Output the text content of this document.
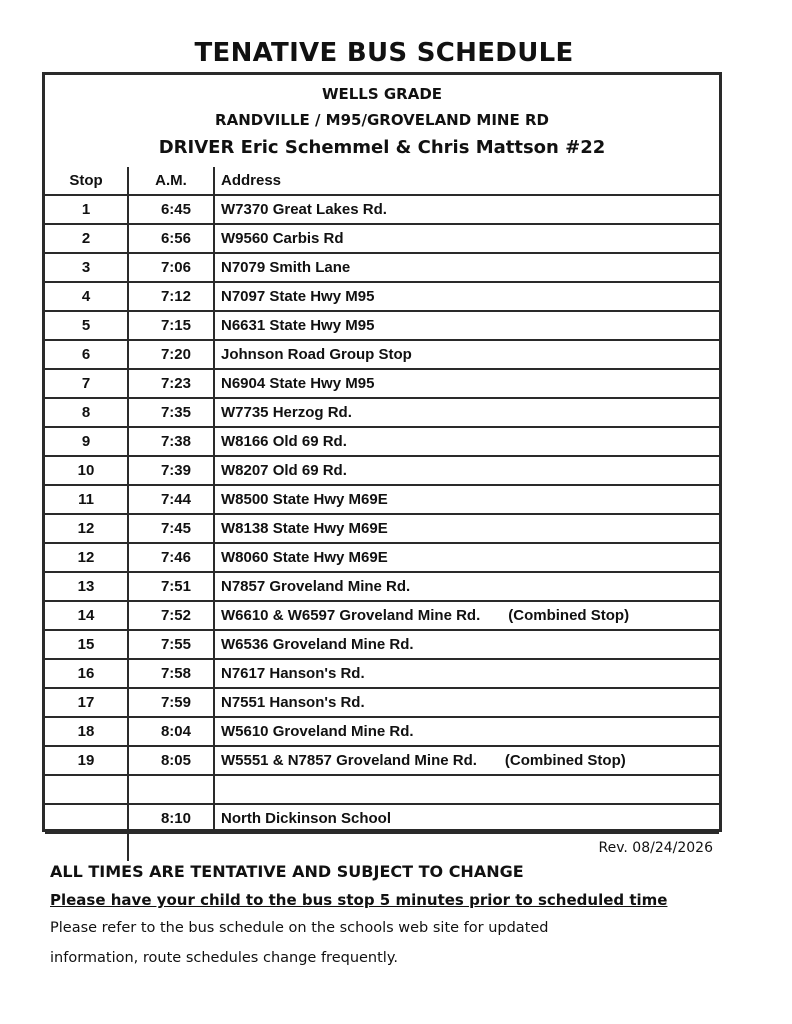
TENATIVE BUS SCHEDULE
WELLS GRADE
RANDVILLE / M95/GROVELAND MINE RD
DRIVER Eric Schemmel & Chris Mattson #22
Stop	A.M.	Address
1	6:45	W7370 Great Lakes Rd.
2	6:56	W9560 Carbis Rd
3	7:06	N7079 Smith Lane
4	7:12	N7097 State Hwy M95
5	7:15	N6631 State Hwy M95
6	7:20	Johnson Road Group Stop
7	7:23	N6904 State Hwy M95
8	7:35	W7735 Herzog Rd.
9	7:38	W8166 Old 69 Rd.
10	7:39	W8207 Old 69 Rd.
11	7:44	W8500 State Hwy M69E
12	7:45	W8138 State Hwy M69E
12	7:46	W8060 State Hwy M69E
13	7:51	N7857 Groveland Mine Rd.
14	7:52	W6610 & W6597 Groveland Mine Rd. (Combined Stop)
15	7:55	W6536 Groveland Mine Rd.
16	7:58	N7617 Hanson's Rd.
17	7:59	N7551 Hanson's Rd.
18	8:04	W5610 Groveland Mine Rd.
19	8:05	W5551 & N7857 Groveland Mine Rd. (Combined Stop)

	8:10	North Dickinson School
	Rev. 08/24/2026	
ALL TIMES ARE TENTATIVE AND SUBJECT TO CHANGE
Please have your child to the bus stop 5 minutes prior to scheduled time
Please refer to the bus schedule on the schools web site for updated
information, route schedules change frequently.
